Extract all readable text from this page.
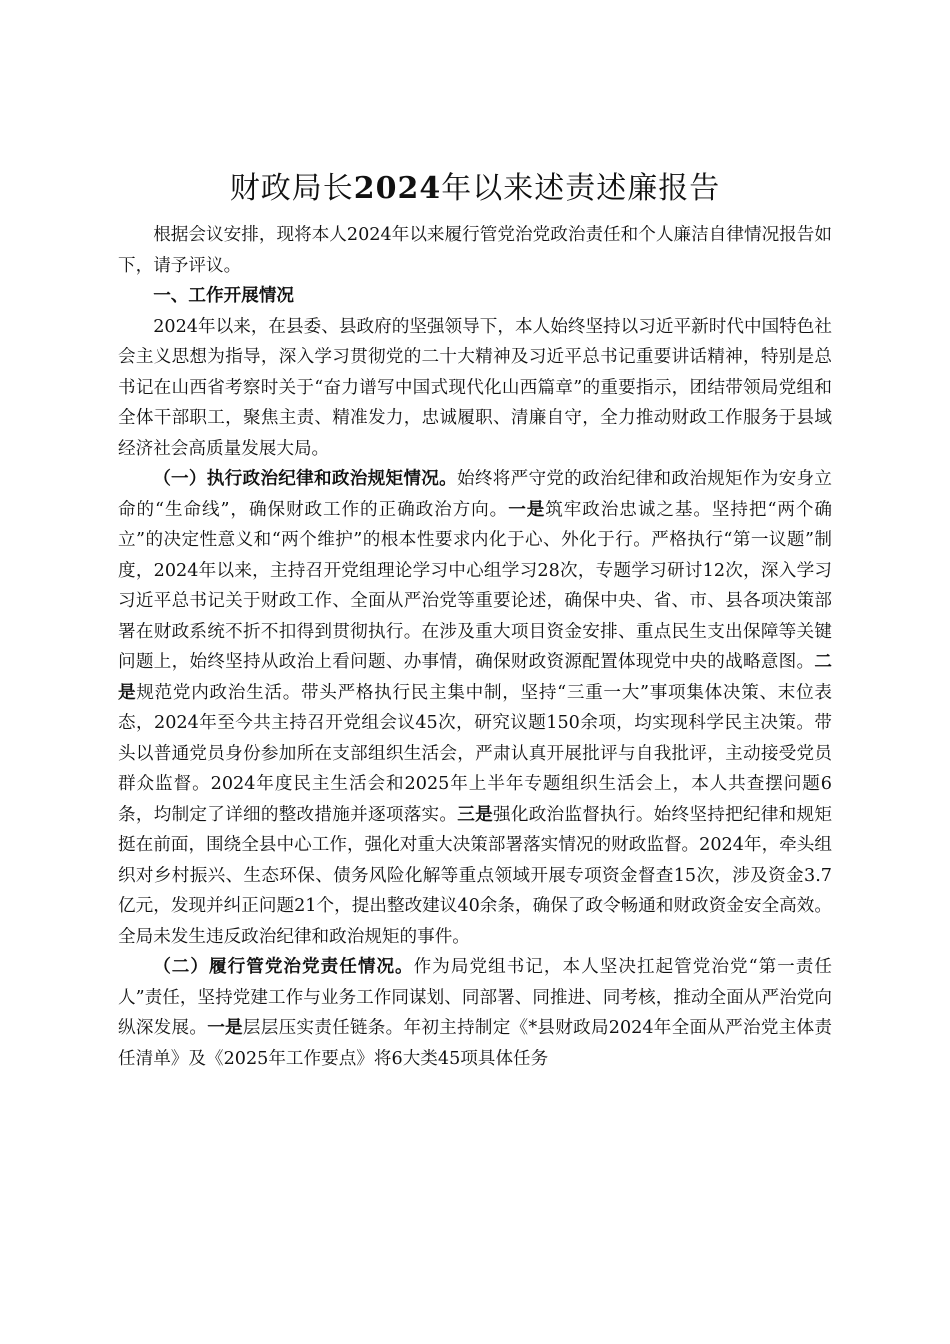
财政局长2024年以来述责述廉报告

根据会议安排，现将本人2024年以来履行管党治党政治责任和个人廉洁自律情况报告如下，请予评议。

一、工作开展情况

2024年以来，在县委、县政府的坚强领导下，本人始终坚持以习近平新时代中国特色社会主义思想为指导，深入学习贯彻党的二十大精神及习近平总书记重要讲话精神，特别是总书记在山西省考察时关于“奋力谱写中国式现代化山西篇章”的重要指示，团结带领局党组和全体干部职工，聚焦主责、精准发力，忠诚履职、清廉自守，全力推动财政工作服务于县域经济社会高质量发展大局。

（一）执行政治纪律和政治规矩情况。始终将严守党的政治纪律和政治规矩作为安身立命的“生命线”，确保财政工作的正确政治方向。一是筑牢政治忠诚之基。坚持把“两个确立”的决定性意义和“两个维护”的根本性要求内化于心、外化于行。严格执行“第一议题”制度，2024年以来，主持召开党组理论学习中心组学习28次，专题学习研讨12次，深入学习习近平总书记关于财政工作、全面从严治党等重要论述，确保中央、省、市、县各项决策部署在财政系统不折不扣得到贯彻执行。在涉及重大项目资金安排、重点民生支出保障等关键问题上，始终坚持从政治上看问题、办事情，确保财政资源配置体现党中央的战略意图。二是规范党内政治生活。带头严格执行民主集中制，坚持“三重一大”事项集体决策、末位表态，2024年至今共主持召开党组会议45次，研究议题150余项，均实现科学民主决策。带头以普通党员身份参加所在支部组织生活会，严肃认真开展批评与自我批评，主动接受党员群众监督。2024年度民主生活会和2025年上半年专题组织生活会上，本人共查摆问题6条，均制定了详细的整改措施并逐项落实。三是强化政治监督执行。始终坚持把纪律和规矩挺在前面，围绕全县中心工作，强化对重大决策部署落实情况的财政监督。2024年，牵头组织对乡村振兴、生态环保、债务风险化解等重点领域开展专项资金督查15次，涉及资金3.7亿元，发现并纠正问题21个，提出整改建议40余条，确保了政令畅通和财政资金安全高效。全局未发生违反政治纪律和政治规矩的事件。

（二）履行管党治党责任情况。作为局党组书记，本人坚决扛起管党治党“第一责任人”责任，坚持党建工作与业务工作同谋划、同部署、同推进、同考核，推动全面从严治党向纵深发展。一是层层压实责任链条。年初主持制定《*县财政局2024年全面从严治党主体责任清单》及《2025年工作要点》将6大类45项具体任务
